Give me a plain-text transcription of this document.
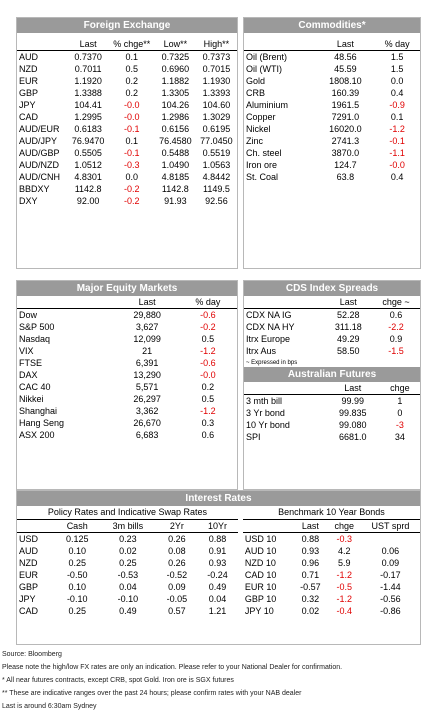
Foreign Exchange
	Last	% chge**	Low**	High**
AUD	0.7370	0.1	0.7325	0.7373
NZD	0.7011	0.5	0.6960	0.7015
EUR	1.1920	0.2	1.1882	1.1930
GBP	1.3388	0.2	1.3305	1.3393
JPY	104.41	-0.0	104.26	104.60
CAD	1.2995	-0.0	1.2986	1.3029
AUD/EUR	0.6183	-0.1	0.6156	0.6195
AUD/JPY	76.9470	0.1	76.4580	77.0450
AUD/GBP	0.5505	-0.1	0.5488	0.5519
AUD/NZD	1.0512	-0.3	1.0490	1.0563
AUD/CNH	4.8301	0.0	4.8185	4.8442
BBDXY	1142.8	-0.2	1142.8	1149.5
DXY	92.00	-0.2	91.93	92.56
Commodities*
	Last	% day
Oil (Brent)	48.56	1.5
Oil (WTI)	45.59	1.5
Gold	1808.10	0.0
CRB	160.39	0.4
Aluminium	1961.5	-0.9
Copper	7291.0	0.1
Nickel	16020.0	-1.2
Zinc	2741.3	-0.1
Ch. steel	3870.0	-1.1
Iron ore	124.7	-0.0
St. Coal	63.8	0.4
Major Equity Markets
	Last	% day
Dow	29,880	-0.6
S&P 500	3,627	-0.2
Nasdaq	12,099	0.5
VIX	21	-1.2
FTSE	6,391	-0.6
DAX	13,290	-0.0
CAC 40	5,571	0.2
Nikkei	26,297	0.5
Shanghai	3,362	-1.2
Hang Seng	26,670	0.3
ASX 200	6,683	0.6
CDS Index Spreads
	Last	chge ~
CDX NA IG	52.28	0.6
CDX NA HY	311.18	-2.2
Itrx Europe	49.29	0.9
Itrx Aus	58.50	-1.5
~ Expressed in bps
Australian Futures
	Last	chge
3 mth bill	99.99	1
3 Yr bond	99.835	0
10 Yr bond	99.080	-3
SPI	6681.0	34
Interest Rates
Policy Rates and Indicative Swap Rates
	Cash	3m bills	2Yr	10Yr
USD	0.125	0.23	0.26	0.88
AUD	0.10	0.02	0.08	0.91
NZD	0.25	0.25	0.26	0.93
EUR	-0.50	-0.53	-0.52	-0.24
GBP	0.10	0.04	0.09	0.49
JPY	-0.10	-0.10	-0.05	0.04
CAD	0.25	0.49	0.57	1.21
Benchmark 10 Year Bonds
	Last	chge	UST sprd
USD 10	0.88	-0.3	
AUD 10	0.93	4.2	0.06
NZD 10	0.96	5.9	0.09
CAD 10	0.71	-1.2	-0.17
EUR 10	-0.57	-0.5	-1.44
GBP 10	0.32	-1.2	-0.56
JPY 10	0.02	-0.4	-0.86
Source: Bloomberg
Please note the high/low FX rates are only an indication. Please refer to your National Dealer for confirmation.
* All near futures contracts, except CRB, spot Gold. Iron ore is SGX futures
** These are indicative ranges over the past 24 hours; please confirm rates with your NAB dealer
Last is around 6:30am Sydney
